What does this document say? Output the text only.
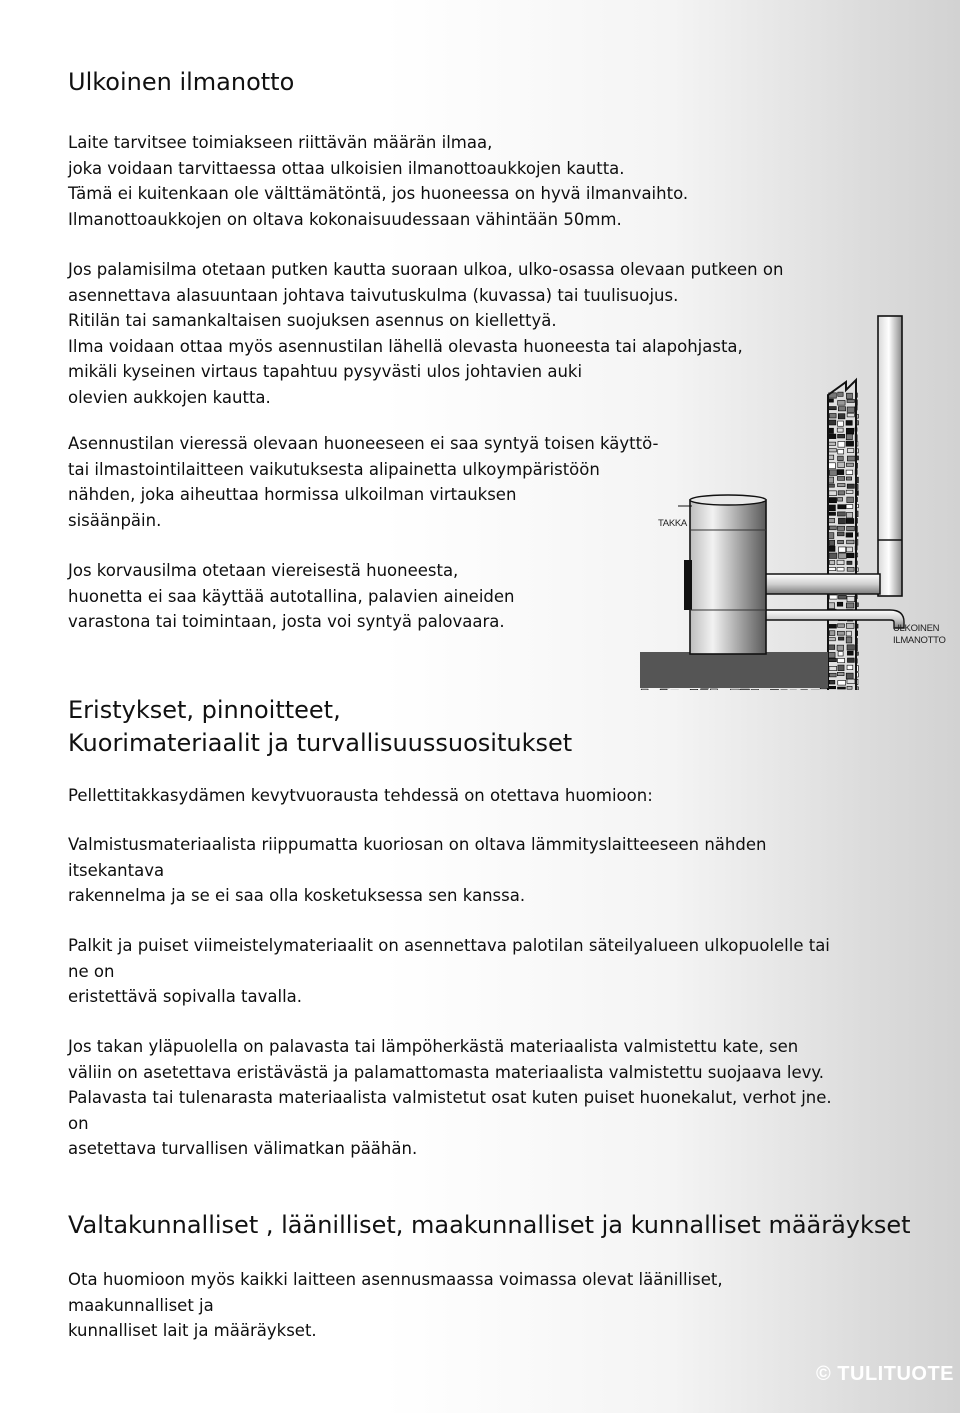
Ulkoinen ilmanotto
Laite tarvitsee toimiakseen riittävän määrän ilmaa,
joka voidaan tarvittaessa ottaa ulkoisien ilmanottoaukkojen kautta.
Tämä ei kuitenkaan ole välttämätöntä, jos huoneessa on hyvä ilmanvaihto.
Ilmanottoaukkojen on oltava kokonaisuudessaan vähintään 50mm.
Jos palamisilma otetaan putken kautta suoraan ulkoa, ulko-osassa olevaan putkeen on
asennettava alasuuntaan johtava taivutuskulma (kuvassa) tai tuulisuojus.
Ritilän tai samankaltaisen suojuksen asennus on kiellettyä.
Ilma voidaan ottaa myös asennustilan lähellä olevasta huoneesta tai alapohjasta,
mikäli kyseinen virtaus tapahtuu pysyvästi ulos johtavien auki
olevien aukkojen kautta.
Asennustilan vieressä olevaan huoneeseen ei saa syntyä toisen käyttö-
tai ilmastointilaitteen vaikutuksesta alipainetta ulkoympäristöön
nähden, joka aiheuttaa hormissa ulkoilman virtauksen
sisäänpäin.
Jos korvausilma otetaan viereisestä huoneesta,
huonetta ei saa käyttää autotallina, palavien aineiden
varastona tai toimintaan, josta voi syntyä palovaara.
TAKKA
ULKOINEN
ILMANOTTO
Eristykset, pinnoitteet,
Kuorimateriaalit ja turvallisuussuositukset
Pellettitakkasydämen kevytvuorausta tehdessä on otettava huomioon:
Valmistusmateriaalista riippumatta kuoriosan on oltava lämmityslaitteeseen nähden
itsekantava
rakennelma ja se ei saa olla kosketuksessa sen kanssa.
Palkit ja puiset viimeistelymateriaalit on asennettava palotilan säteilyalueen ulkopuolelle tai
ne on
eristettävä sopivalla tavalla.
Jos takan yläpuolella on palavasta tai lämpöherkästä materiaalista valmistettu kate, sen
väliin on asetettava eristävästä ja palamattomasta materiaalista valmistettu suojaava levy.
Palavasta tai tulenarasta materiaalista valmistetut osat kuten puiset huonekalut, verhot jne.
on
asetettava turvallisen välimatkan päähän.
Valtakunnalliset , läänilliset, maakunnalliset ja kunnalliset määräykset
Ota huomioon myös kaikki laitteen asennusmaassa voimassa olevat läänilliset,
maakunnalliset ja
kunnalliset lait ja määräykset.
© TULITUOTE
